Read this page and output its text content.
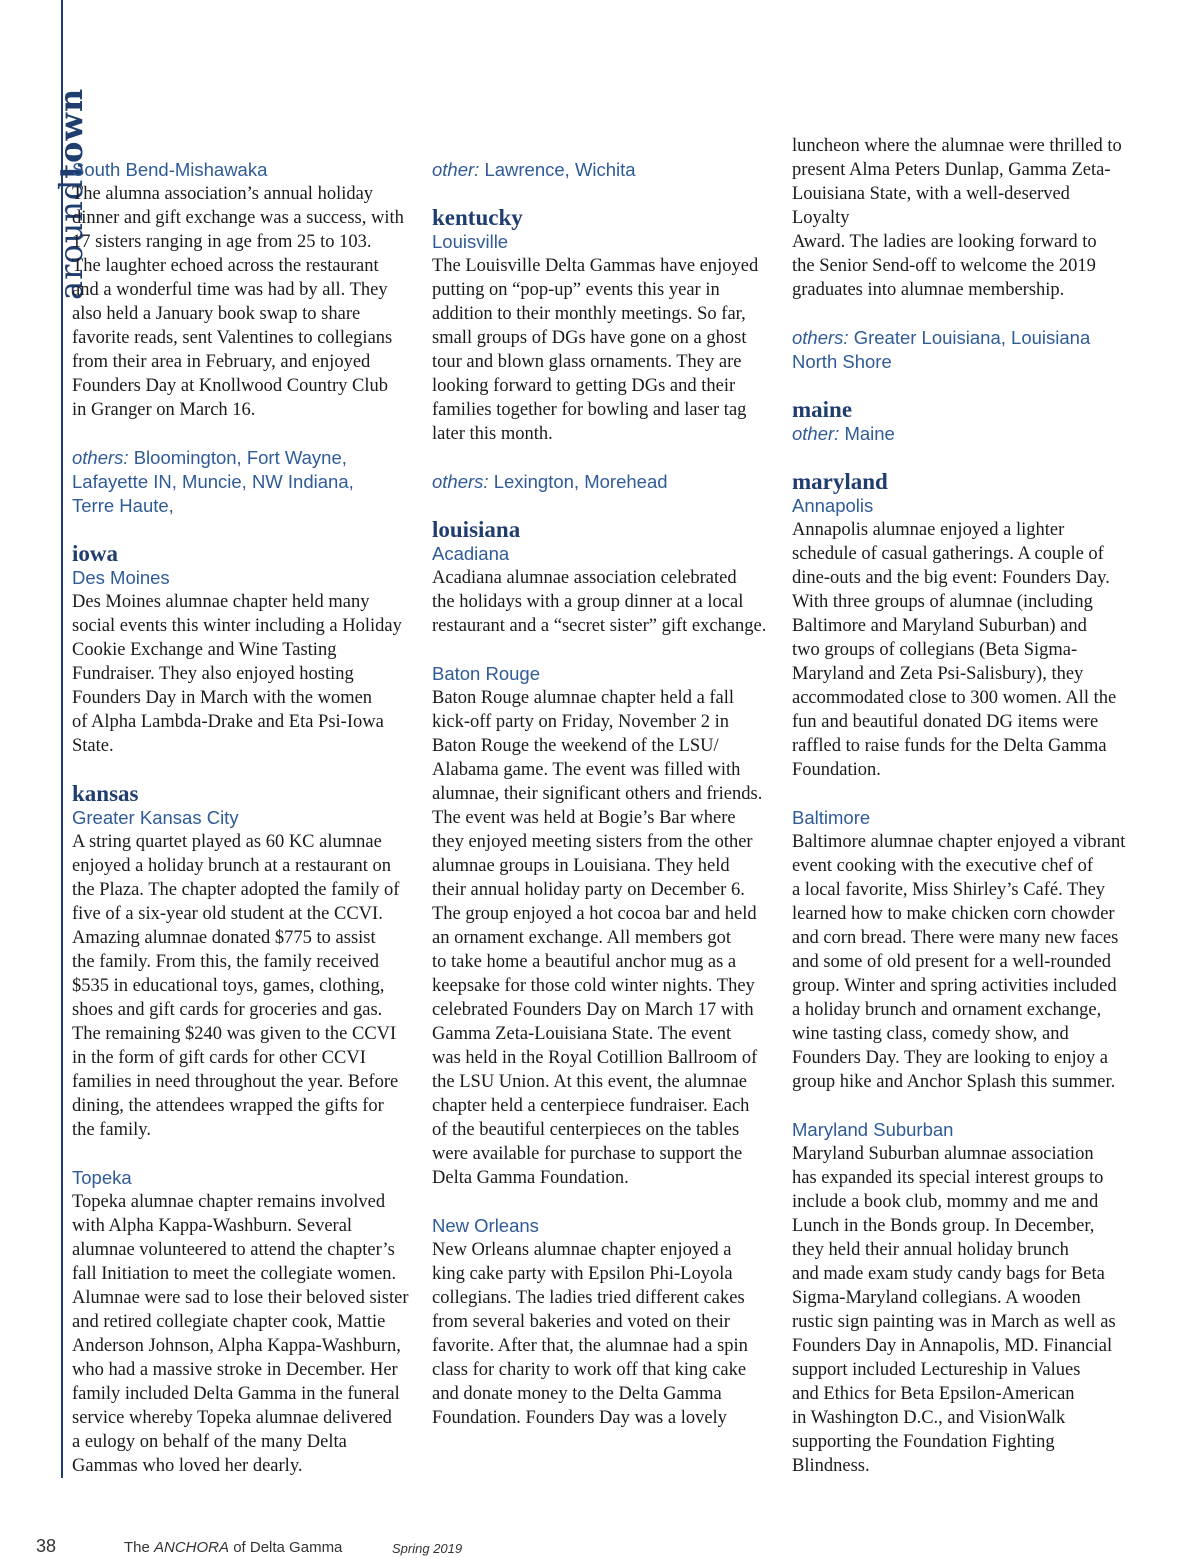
aroundtown

South Bend-Mishawaka

The alumna association’s annual holiday
dinner and gift exchange was a success, with
17 sisters ranging in age from 25 to 103.
The laughter echoed across the restaurant
and a wonderful time was had by all. They
also held a January book swap to share
favorite reads, sent Valentines to collegians
from their area in February, and enjoyed
Founders Day at Knollwood Country Club
in Granger on March 16.

others: Bloomington, Fort Wayne,

Lafayette IN, Muncie, NW Indiana,

Terre Haute,

iowa

Des Moines

Des Moines alumnae chapter held many
social events this winter including a Holiday
Cookie Exchange and Wine Tasting
Fundraiser. They also enjoyed hosting
Founders Day in March with the women
of Alpha Lambda-Drake and Eta Psi-Iowa
State.

kansas

Greater Kansas City

A string quartet played as 60 KC alumnae
enjoyed a holiday brunch at a restaurant on
the Plaza. The chapter adopted the family of
five of a six-year old student at the CCVI.
Amazing alumnae donated $775 to assist
the family. From this, the family received
$535 in educational toys, games, clothing,
shoes and gift cards for groceries and gas.
The remaining $240 was given to the CCVI
in the form of gift cards for other CCVI
families in need throughout the year. Before
dining, the attendees wrapped the gifts for
the family.

Topeka

Topeka alumnae chapter remains involved
with Alpha Kappa-Washburn. Several
alumnae volunteered to attend the chapter’s
fall Initiation to meet the collegiate women.
Alumnae were sad to lose their beloved sister
and retired collegiate chapter cook, Mattie
Anderson Johnson, Alpha Kappa-Washburn,
who had a massive stroke in December. Her
family included Delta Gamma in the funeral
service whereby Topeka alumnae delivered
a eulogy on behalf of the many Delta
Gammas who loved her dearly.

other: Lawrence, Wichita

kentucky

Louisville

The Louisville Delta Gammas have enjoyed
putting on “pop-up” events this year in
addition to their monthly meetings. So far,
small groups of DGs have gone on a ghost
tour and blown glass ornaments. They are
looking forward to getting DGs and their
families together for bowling and laser tag
later this month.

others: Lexington, Morehead

louisiana

Acadiana

Acadiana alumnae association celebrated
the holidays with a group dinner at a local
restaurant and a “secret sister” gift exchange.

Baton Rouge

Baton Rouge alumnae chapter held a fall
kick-off party on Friday, November 2 in
Baton Rouge the weekend of the LSU/
Alabama game. The event was filled with
alumnae, their significant others and friends.
The event was held at Bogie’s Bar where
they enjoyed meeting sisters from the other
alumnae groups in Louisiana. They held
their annual holiday party on December 6.
The group enjoyed a hot cocoa bar and held
an ornament exchange. All members got
to take home a beautiful anchor mug as a
keepsake for those cold winter nights. They
celebrated Founders Day on March 17 with
Gamma Zeta-Louisiana State. The event
was held in the Royal Cotillion Ballroom of
the LSU Union. At this event, the alumnae
chapter held a centerpiece fundraiser. Each
of the beautiful centerpieces on the tables
were available for purchase to support the
Delta Gamma Foundation.

New Orleans

New Orleans alumnae chapter enjoyed a
king cake party with Epsilon Phi-Loyola
collegians. The ladies tried different cakes
from several bakeries and voted on their
favorite. After that, the alumnae had a spin
class for charity to work off that king cake
and donate money to the Delta Gamma
Foundation. Founders Day was a lovely
luncheon where the alumnae were thrilled to
present Alma Peters Dunlap, Gamma Zeta-
Louisiana State, with a well-deserved Loyalty
Award. The ladies are looking forward to
the Senior Send-off to welcome the 2019
graduates into alumnae membership.

others: Greater Louisiana, Louisiana

North Shore

maine

other: Maine

maryland

Annapolis

Annapolis alumnae enjoyed a lighter
schedule of casual gatherings. A couple of
dine-outs and the big event: Founders Day.
With three groups of alumnae (including
Baltimore and Maryland Suburban) and
two groups of collegians (Beta Sigma-
Maryland and Zeta Psi-Salisbury), they
accommodated close to 300 women. All the
fun and beautiful donated DG items were
raffled to raise funds for the Delta Gamma
Foundation.

Baltimore

Baltimore alumnae chapter enjoyed a vibrant
event cooking with the executive chef of
a local favorite, Miss Shirley’s Café. They
learned how to make chicken corn chowder
and corn bread. There were many new faces
and some of old present for a well-rounded
group. Winter and spring activities included
a holiday brunch and ornament exchange,
wine tasting class, comedy show, and
Founders Day. They are looking to enjoy a
group hike and Anchor Splash this summer.

Maryland Suburban

Maryland Suburban alumnae association
has expanded its special interest groups to
include a book club, mommy and me and
Lunch in the Bonds group. In December,
they held their annual holiday brunch
and made exam study candy bags for Beta
Sigma-Maryland collegians. A wooden
rustic sign painting was in March as well as
Founders Day in Annapolis, MD. Financial
support included Lectureship in Values
and Ethics for Beta Epsilon-American
in Washington D.C., and VisionWalk
supporting the Foundation Fighting
Blindness.
38	The ANCHORA of Delta Gamma	Spring 2019
